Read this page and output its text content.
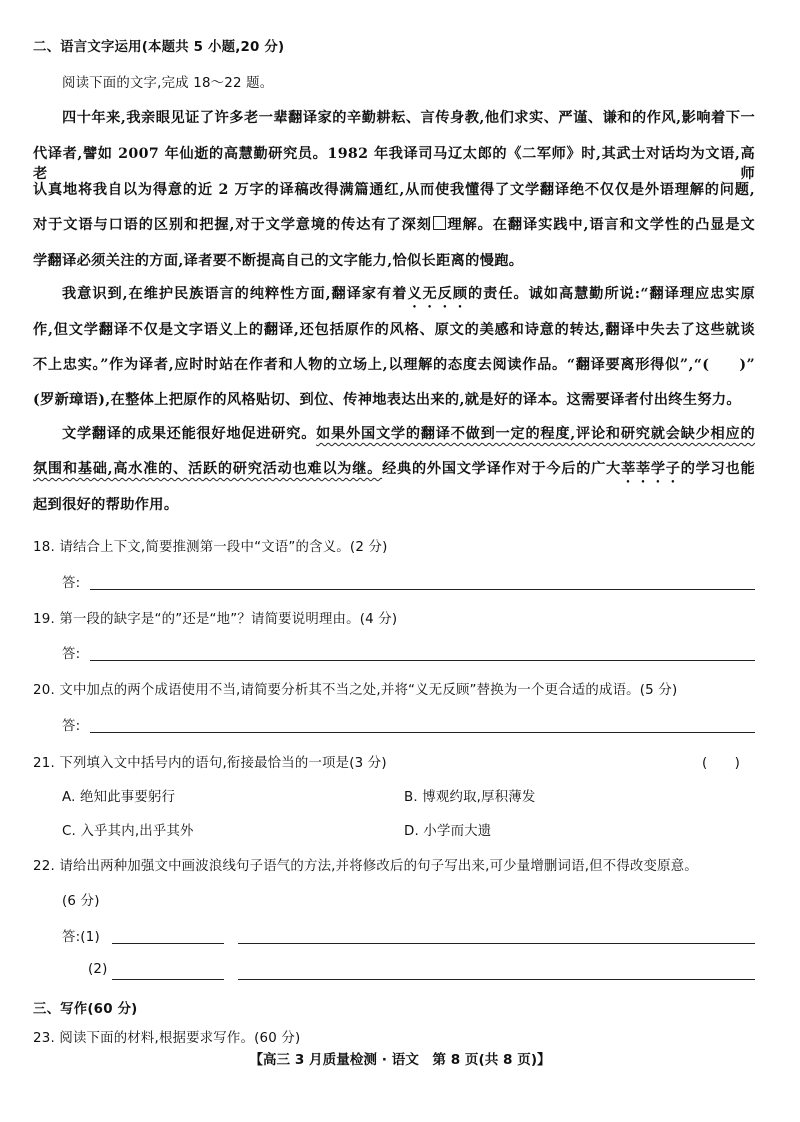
二、语言文字运用(本题共 5 小题,20 分)
阅读下面的文字,完成 18～22 题。
四十年来,我亲眼见证了许多老一辈翻译家的辛勤耕耘、言传身教,他们求实、严谨、谦和的作风,影响着下一
代译者,譬如 2007 年仙逝的高慧勤研究员。1982 年我译司马辽太郎的《二军师》时,其武士对话均为文语,高老师
认真地将我自以为得意的近 2 万字的译稿改得满篇通红,从而使我懂得了文学翻译绝不仅仅是外语理解的问题,
对于文语与口语的区别和把握,对于文学意境的传达有了深刻 理解。在翻译实践中,语言和文学性的凸显是文
学翻译必须关注的方面,译者要不断提高自己的文字能力,恰似长距离的慢跑。
我意识到,在维护民族语言的纯粹性方面,翻译家有着义无反顾的责任。诚如高慧勤所说:“翻译理应忠实原
作,但文学翻译不仅是文字语义上的翻译,还包括原作的风格、原文的美感和诗意的转达,翻译中失去了这些就谈
不上忠实。”作为译者,应时时站在作者和人物的立场上,以理解的态度去阅读作品。“翻译要离形得似”,“(　　)”
(罗新璋语),在整体上把原作的风格贴切、到位、传神地表达出来的,就是好的译本。这需要译者付出终生努力。
文学翻译的成果还能很好地促进研究。如果外国文学的翻译不做到一定的程度,评论和研究就会缺少相应的
氛围和基础,高水准的、活跃的研究活动也难以为继。经典的外国文学译作对于今后的广大莘莘学子的学习也能
起到很好的帮助作用。
18. 请结合上下文,简要推测第一段中“文语”的含义。(2 分)
答:
19. 第一段的缺字是“的”还是“地”？请简要说明理由。(4 分)
答:
20. 文中加点的两个成语使用不当,请简要分析其不当之处,并将“义无反顾”替换为一个更合适的成语。(5 分)
答:
21. 下列填入文中括号内的语句,衔接最恰当的一项是(3 分)	(　　)
A. 绝知此事要躬行	B. 博观约取,厚积薄发
C. 入乎其内,出乎其外	D. 小学而大遗
22. 请给出两种加强文中画波浪线句子语气的方法,并将修改后的句子写出来,可少量增删词语,但不得改变原意。
(6 分)
答:(1)
(2)
三、写作(60 分)
【高三 3 月质量检测 · 语文　第 8 页(共 8 页)】
23. 阅读下面的材料,根据要求写作。(60 分)
